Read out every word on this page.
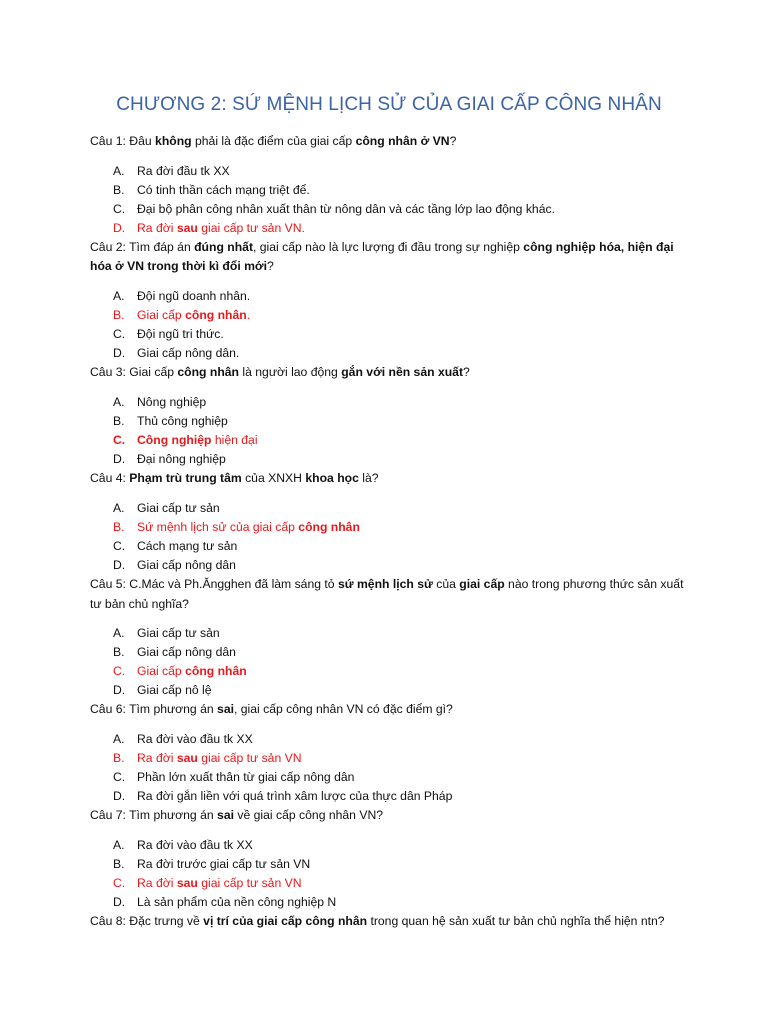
CHƯƠNG 2: SỨ MỆNH LỊCH SỬ CỦA GIAI CẤP CÔNG NHÂN

Câu 1: Đâu không phải là đặc điểm của giai cấp công nhân ở VN?

A.	Ra đời đầu tk XX
B.	Có tinh thần cách mạng triệt để.
C. Đại bộ phân công nhân xuất thân từ nông dân và các tầng lớp lao động khác.
D. Ra đời sau giai cấp tư sản VN.

Câu 2: Tìm đáp án đúng nhất, giai cấp nào là lực lượng đi đầu trong sự nghiệp công nghiệp hóa, hiện đại hóa ở VN trong thời kì đổi mới?

A.	Đội ngũ doanh nhân.
B.	Giai cấp công nhân.
C. Đội ngũ tri thức.
D. Giai cấp nông dân.

Câu 3: Giai cấp công nhân là người lao động gắn với nền sản xuất?

A.	Nông nghiệp
B.	Thủ công nghiệp
C. Công nghiệp hiện đại
D. Đại nông nghiệp

Câu 4: Phạm trù trung tâm của XNXH khoa học là?

A.	Giai cấp tư sản
B.	Sứ mệnh lịch sử của giai cấp công nhân
C. Cách mạng tư sản
D. Giai cấp nông dân

Câu 5: C.Mác và Ph.Ăngghen đã làm sáng tỏ sứ mệnh lịch sử của giai cấp nào trong phương thức sản xuất tư bản chủ nghĩa?

A.	Giai cấp tư sản
B.	Giai cấp nông dân
C. Giai cấp công nhân
D. Giai cấp nô lệ

Câu 6: Tìm phương án sai, giai cấp công nhân VN có đặc điểm gì?

A.	Ra đời vào đầu tk XX
B.	Ra đời sau giai cấp tư sản VN
C. Phần lớn xuất thân từ giai cấp nông dân
D. Ra đời gắn liền với quá trình xâm lược của thực dân Pháp

Câu 7: Tìm phương án sai về giai cấp công nhân VN?

A.	Ra đời vào đầu tk XX
B.	Ra đời trước giai cấp tư sản VN
C. Ra đời sau giai cấp tư sản VN
D. Là sản phẩm của nền công nghiệp N

Câu 8: Đặc trưng về vị trí của giai cấp công nhân trong quan hệ sản xuất tư bản chủ nghĩa thể hiện ntn?
